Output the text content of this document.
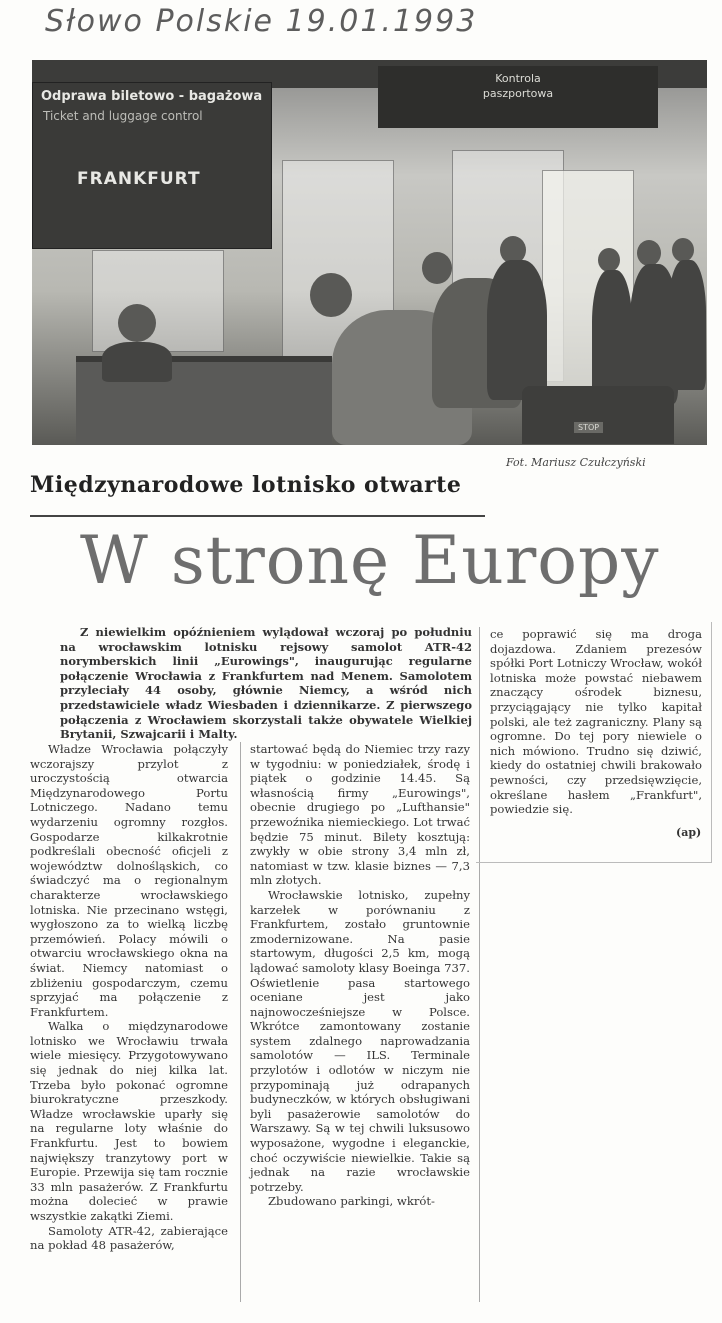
Słowo Polskie 19.01.1993
Odprawa biletowo - bagażowa
Ticket and luggage control
FRANKFURT
Kontrola
paszportowa
STOP
Fot. Mariusz Czułczyński
Międzynarodowe lotnisko otwarte
W stronę Europy
Z niewielkim opóźnieniem wylądował wczoraj po południu na wrocławskim lotnisku rejsowy samolot ATR-42 norymberskich linii „Eurowings", inaugurując regularne połączenie Wrocławia z Frankfurtem nad Menem. Samolotem przyleciały 44 osoby, głównie Niemcy, a wśród nich przedstawiciele władz Wiesbaden i dziennikarze. Z pierwszego połączenia z Wrocławiem skorzystali także obywatele Wielkiej Brytanii, Szwajcarii i Malty.

Władze Wrocławia połączyły wczorajszy przylot z uroczystością otwarcia Międzynarodowego Portu Lotniczego. Nadano temu wydarzeniu ogromny rozgłos. Gospodarze kilkakrotnie podkreślali obecność oficjeli z województw dolnośląskich, co świadczyć ma o regionalnym charakterze wrocławskiego lotniska. Nie przecinano wstęgi, wygłoszono za to wielką liczbę przemówień. Polacy mówili o otwarciu wrocławskiego okna na świat. Niemcy natomiast o zbliżeniu gospodarczym, czemu sprzyjać ma połączenie z Frankfurtem.

Walka o międzynarodowe lotnisko we Wrocławiu trwała wiele miesięcy. Przygotowywano się jednak do niej kilka lat. Trzeba było pokonać ogromne biurokratyczne przeszkody. Władze wrocławskie uparły się na regularne loty właśnie do Frankfurtu. Jest to bowiem największy tranzytowy port w Europie. Przewija się tam rocznie 33 mln pasażerów. Z Frankfurtu można dolecieć w prawie wszystkie zakątki Ziemi.

Samoloty ATR-42, zabierające na pokład 48 pasażerów,

startować będą do Niemiec trzy razy w tygodniu: w poniedziałek, środę i piątek o godzinie 14.45. Są własnością firmy „Eurowings", obecnie drugiego po „Lufthansie" przewoźnika niemieckiego. Lot trwać będzie 75 minut. Bilety kosztują: zwykły w obie strony 3,4 mln zł, natomiast w tzw. klasie biznes — 7,3 mln złotych.

Wrocławskie lotnisko, zupełny karzełek w porównaniu z Frankfurtem, zostało gruntownie zmodernizowane. Na pasie startowym, długości 2,5 km, mogą lądować samoloty klasy Boeinga 737. Oświetlenie pasa startowego oceniane jest jako najnowocześniejsze w Polsce. Wkrótce zamontowany zostanie system zdalnego naprowadzania samolotów — ILS. Terminale przylotów i odlotów w niczym nie przypominają już odrapanych budyneczków, w których obsługiwani byli pasażerowie samolotów do Warszawy. Są w tej chwili luksusowo wyposażone, wygodne i eleganckie, choć oczywiście niewielkie. Takie są jednak na razie wrocławskie potrzeby.

Zbudowano parkingi, wkrót-

ce poprawić się ma droga dojazdowa. Zdaniem prezesów spółki Port Lotniczy Wrocław, wokół lotniska może powstać niebawem znaczący ośrodek biznesu, przyciągający nie tylko kapitał polski, ale też zagraniczny. Plany są ogromne. Do tej pory niewiele o nich mówiono. Trudno się dziwić, kiedy do ostatniej chwili brakowało pewności, czy przedsięwzięcie, określane hasłem „Frankfurt", powiedzie się.

(ap)
